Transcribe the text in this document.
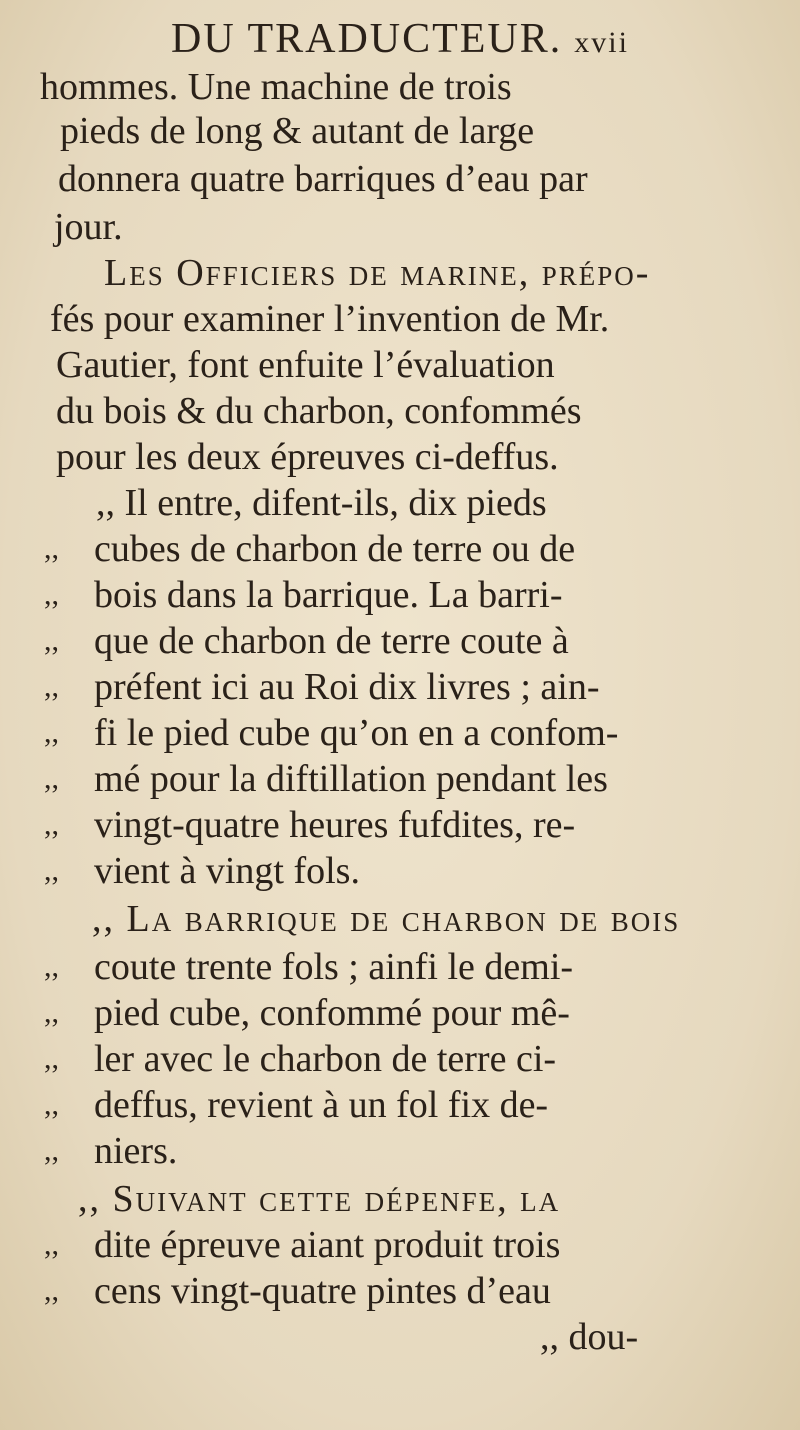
DU TRADUCTEUR. xvii
hommes. Une machine de trois
pieds de long & autant de large
donnera quatre barriques d’eau par
jour.
Les Officiers de marine, prépo-
fés pour examiner l’invention de Mr.
Gautier, font enfuite l’évaluation
du bois & du charbon, confommés
pour les deux épreuves ci-deffus.
,, Il entre, difent-ils, dix pieds
,, cubes de charbon de terre ou de
,, bois dans la barrique. La barri-
,, que de charbon de terre coute à
,, préfent ici au Roi dix livres ; ain-
,, fi le pied cube qu’on en a confom-
,, mé pour la diftillation pendant les
,, vingt-quatre heures fufdites, re-
,, vient à vingt fols.
,, La barrique de charbon de bois
,, coute trente fols ; ainfi le demi-
,, pied cube, confommé pour mê-
,, ler avec le charbon de terre ci-
,, deffus, revient à un fol fix de-
,, niers.
,, Suivant cette dépenfe, la
,, dite épreuve aiant produit trois
,, cens vingt-quatre pintes d’eau
,, dou-
